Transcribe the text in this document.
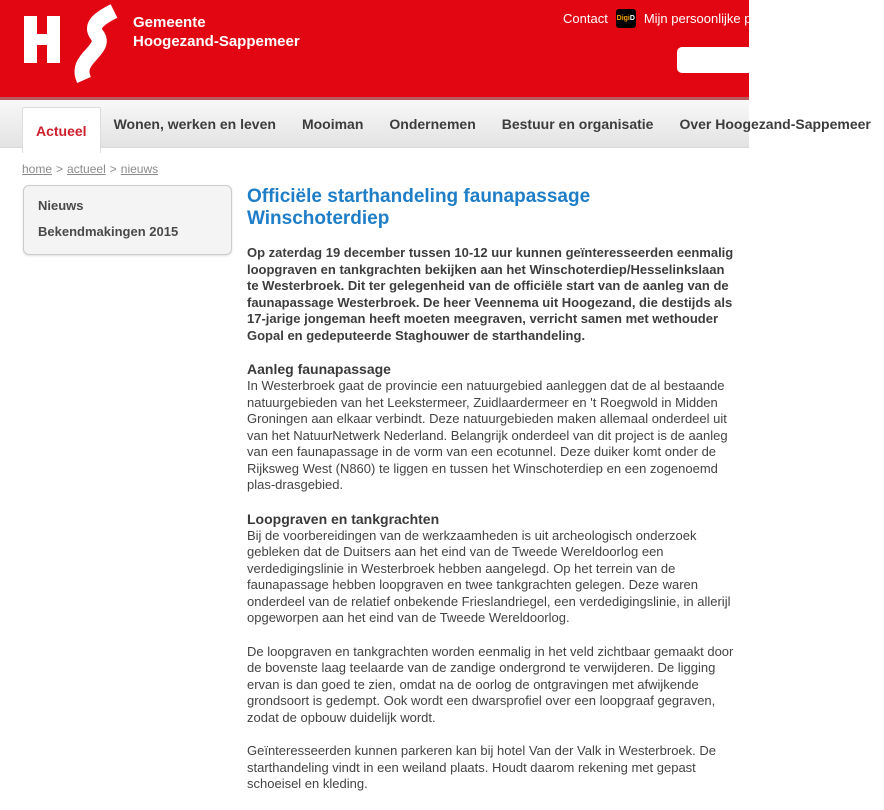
Gemeente
Hoogezand-Sappemeer
Contact Digi D Mijn persoonlijke pagina
Actueel	Wonen, werken en leven	Mooiman	Ondernemen	Bestuur en organisatie	Over Hoogezand-Sappemeer
home > actueel > nieuws
Nieuws
Bekendmakingen 2015
Officiële starthandeling faunapassage Winschoterdiep

Op zaterdag 19 december tussen 10-12 uur kunnen geïnteresseerden eenmalig loopgraven en tankgrachten bekijken aan het Winschoterdiep/Hesselinkslaan te Westerbroek. Dit ter gelegenheid van de officiële start van de aanleg van de faunapassage Westerbroek. De heer Veennema uit Hoogezand, die destijds als 17-jarige jongeman heeft moeten meegraven, verricht samen met wethouder Gopal en gedeputeerde Staghouwer de starthandeling.

Aanleg faunapassage

In Westerbroek gaat de provincie een natuurgebied aanleggen dat de al bestaande natuurgebieden van het Leekstermeer, Zuidlaardermeer en 't Roegwold in Midden Groningen aan elkaar verbindt. Deze natuurgebieden maken allemaal onderdeel uit van het NatuurNetwerk Nederland. Belangrijk onderdeel van dit project is de aanleg van een faunapassage in de vorm van een ecotunnel. Deze duiker komt onder de Rijksweg West (N860) te liggen en tussen het Winschoterdiep en een zogenoemd plas-drasgebied.

Loopgraven en tankgrachten

Bij de voorbereidingen van de werkzaamheden is uit archeologisch onderzoek gebleken dat de Duitsers aan het eind van de Tweede Wereldoorlog een verdedigingslinie in Westerbroek hebben aangelegd. Op het terrein van de faunapassage hebben loopgraven en twee tankgrachten gelegen. Deze waren onderdeel van de relatief onbekende Frieslandriegel, een verdedigingslinie, in allerijl opgeworpen aan het eind van de Tweede Wereldoorlog.

De loopgraven en tankgrachten worden eenmalig in het veld zichtbaar gemaakt door de bovenste laag teelaarde van de zandige ondergrond te verwijderen. De ligging ervan is dan goed te zien, omdat na de oorlog de ontgravingen met afwijkende grondsoort is gedempt. Ook wordt een dwarsprofiel over een loopgraaf gegraven, zodat de opbouw duidelijk wordt.

Geïnteresseerden kunnen parkeren kan bij hotel Van der Valk in Westerbroek. De starthandeling vindt in een weiland plaats. Houdt daarom rekening met gepast schoeisel en kleding.
